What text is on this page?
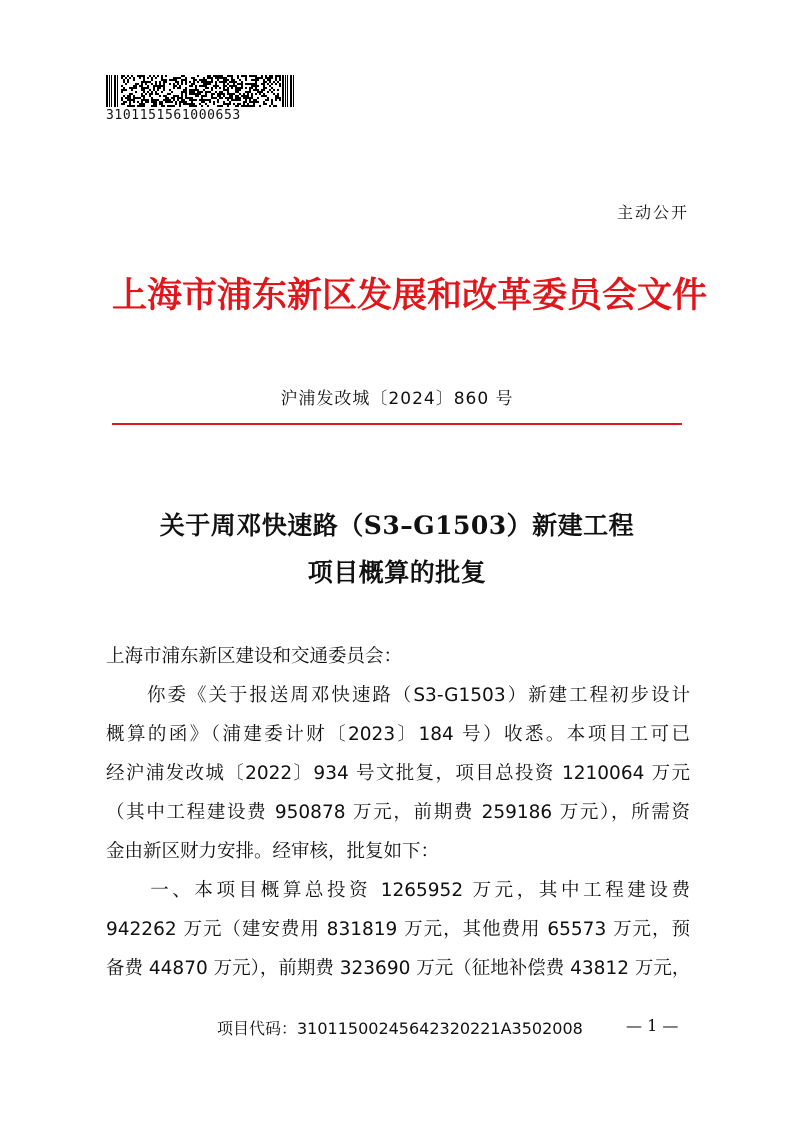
3101151561000653
主动公开
上海市浦东新区发展和改革委员会文件
沪浦发改城〔2024〕860 号
关于周邓快速路（S3–G1503）新建工程
项目概算的批复
上海市浦东新区建设和交通委员会：
　　你委《关于报送周邓快速路（S3-G1503）新建工程初步设计
概算的函》（浦建委计财〔2023〕184 号）收悉。本项目工可已
经沪浦发改城〔2022〕934 号文批复，项目总投资 1210064 万元
（其中工程建设费 950878 万元，前期费 259186 万元），所需资
金由新区财力安排。经审核，批复如下：
　　一、本项目概算总投资 1265952 万元，其中工程建设费
942262 万元（建安费用 831819 万元，其他费用 65573 万元，预
备费 44870 万元），前期费 323690 万元（征地补偿费 43812 万元，
项目代码：31011500245642320221A3502008	— 1 —
